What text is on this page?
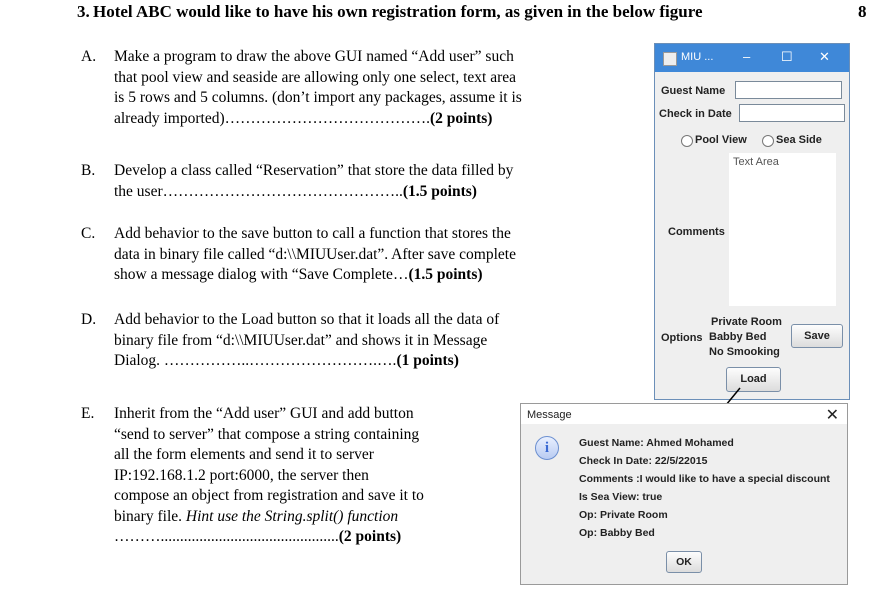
3. Hotel ABC would like to have his own registration form, as given in the below figure	8
A. Make a program to draw the above GUI named “Add user” such
that pool view and seaside are allowing only one select, text area
is 5 rows and 5 columns. (don’t import any packages, assume it is
already imported)………………………………….(2 points)
B. Develop a class called “Reservation” that store the data filled by
the user………………………………………..(1.5 points)
C. Add behavior to the save button to call a function that stores the
data in binary file called “d:\\MIUUser.dat”. After save complete
show a message dialog with “Save Complete…(1.5 points)
D. Add behavior to the Load button so that it loads all the data of
binary file from “d:\\MIUUser.dat” and shows it in Message
Dialog. ……………..…………………….….(1 points)
E. Inherit from the “Add user” GUI and add button
“send to server” that compose a string containing
all the form elements and send it to server
IP:192.168.1.2 port:6000, the server then
compose an object from registration and save it to
binary file. Hint use the String.split() function
………..............................................(2 points)
MIU ... – ☐ ✕
Guest Name
Check in Date
Pool View	Sea Side
Text Area
Comments
Options
Private Room
Babby Bed
No Smooking
Save
Load
Message	✕
i	Guest Name: Ahmed Mohamed
Check In Date: 22/5/22015
Comments :I would like to have a special discount
Is Sea View: true
Op: Private Room
Op: Babby Bed
OK
